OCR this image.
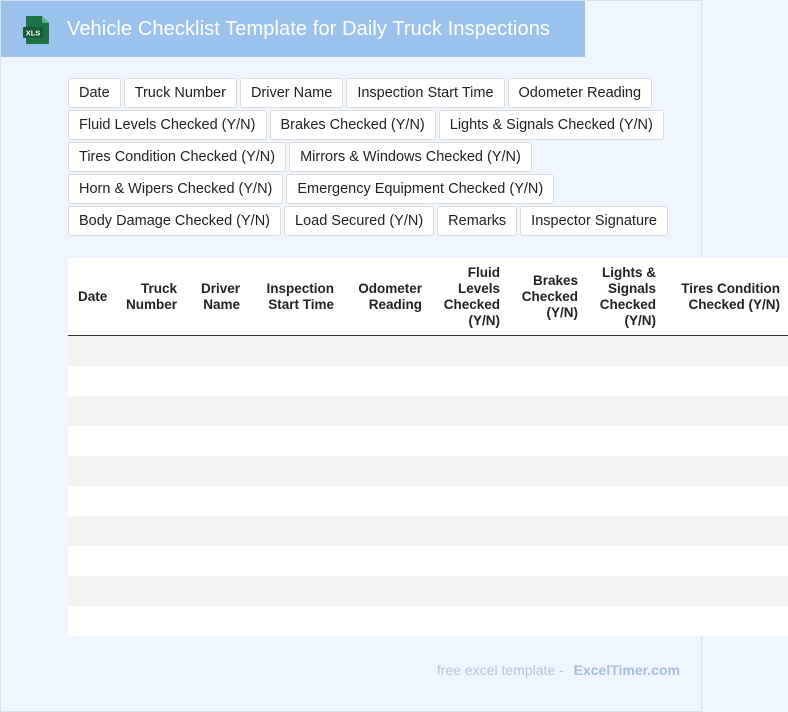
XLS Vehicle Checklist Template for Daily Truck Inspections
Date	Truck Number	Driver Name	Inspection Start Time	Odometer Reading
Fluid Levels Checked (Y/N)	Brakes Checked (Y/N)	Lights & Signals Checked (Y/N)
Tires Condition Checked (Y/N)	Mirrors & Windows Checked (Y/N)
Horn & Wipers Checked (Y/N)	Emergency Equipment Checked (Y/N)
Body Damage Checked (Y/N)	Load Secured (Y/N)	Remarks	Inspector Signature
Date	Truck Number	Driver Name	Inspection Start Time	Odometer Reading	Fluid Levels Checked (Y/N)	Brakes Checked (Y/N)	Lights & Signals Checked (Y/N)	Tires Condition Checked (Y/N)

free excel template - ExcelTimer.com
